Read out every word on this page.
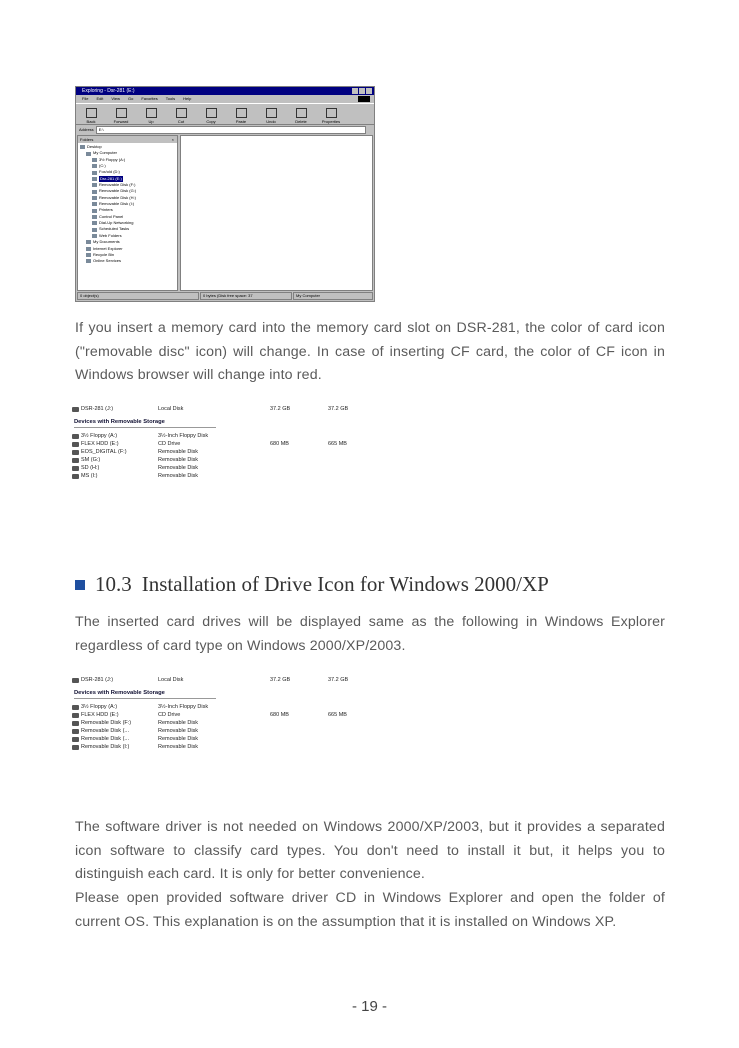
Exploring - Dsr-281 (E:)
File Edit View Go Favorites Tools Help
Back	Forward	Up	Cut	Copy	Paste	Undo	Delete	Properties
Address	E:\
Folders	×
Desktop
My Computer
3½ Floppy (A:)
(C:)
Fox/old (D:)
Dsr-281 (E:)
Removable Disk (F:)
Removable Disk (G:)
Removable Disk (H:)
Removable Disk (I:)
Printers
Control Panel
Dial-Up Networking
Scheduled Tasks
Web Folders
My Documents
Internet Explorer
Recycle Bin
Online Services
0 object(s)	0 bytes (Disk free space: 37	My Computer
If you insert a memory card into the memory card slot on DSR-281, the color of card icon ("removable disc" icon) will change. In case of inserting CF card, the color of CF icon in Windows browser will change into red.
DSR-281 (J:)	Local Disk	37.2 GB	37.2 GB
Devices with Removable Storage
3½ Floppy (A:)	3½-Inch Floppy Disk
FLEX HDD (E:)	CD Drive	680 MB	665 MB
EOS_DIGITAL (F:)	Removable Disk
SM (G:)	Removable Disk
SD (H:)	Removable Disk
MS (I:)	Removable Disk
10.3 Installation of Drive Icon for Windows 2000/XP
The inserted card drives will be displayed same as the following in Windows Explorer regardless of card type on Windows 2000/XP/2003.
DSR-281 (J:)	Local Disk	37.2 GB	37.2 GB
Devices with Removable Storage
3½ Floppy (A:)	3½-Inch Floppy Disk
FLEX HDD (E:)	CD Drive	680 MB	665 MB
Removable Disk (F:)	Removable Disk
Removable Disk (...	Removable Disk
Removable Disk (...	Removable Disk
Removable Disk (I:)	Removable Disk
The software driver is not needed on Windows 2000/XP/2003, but it provides a separated icon software to classify card types. You don't need to install it but, it helps you to distinguish each card. It is only for better convenience.
Please open provided software driver CD in Windows Explorer and open the folder of current OS. This explanation is on the assumption that it is installed on Windows XP.
- 19 -
